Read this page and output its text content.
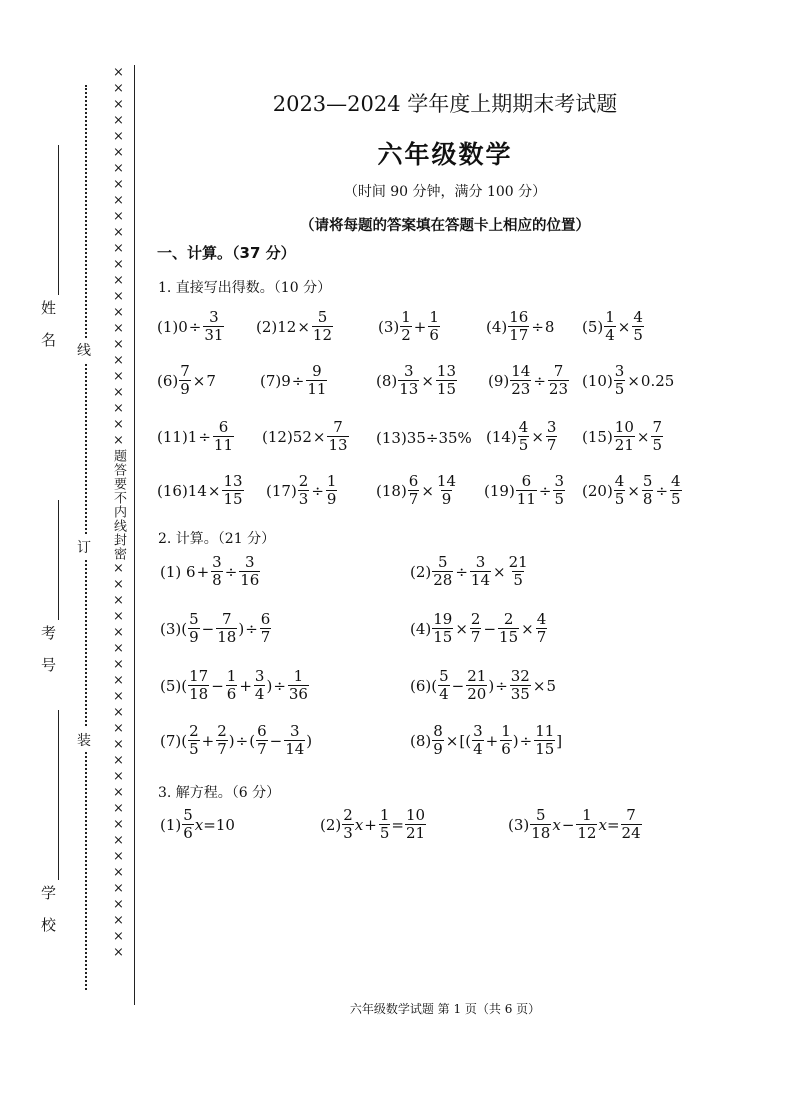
姓 名
考 号
学 校
线
订
装	××××××××××××××××××××××××题答要不内线封密×××××××××××××××××××××××××	2023—2024 学年度上期期末考试题
六年级数学
（时间 90 分钟，满分 100 分）
（请将每题的答案填在答题卡上相应的位置）
一、计算。（37 分）
1. 直接写出得数。（10 分）
$(1)0 \div \frac{3}{31} (2)12 \times \frac{5}{12}$	$(3) \frac{1}{2} + \frac{1}{6}$	$(4) \frac{16}{17} \div 8$ $(5) \frac{1}{4} \times \frac{4}{5}$
$(6) \frac{7}{9} \times 7$	$(7)9 \div \frac{9}{11}$	$(8) \frac{3}{13} \times \frac{13}{15} (9) \frac{14}{23} \div \frac{7}{23} (10) \frac{3}{5} \times 0.25$
$(11)1 \div \frac{6}{11} (12)52 \times \frac{7}{13} (13)35\div 35\%$ $(14) \frac{4}{5} \times \frac{3}{7} (15) \frac{10}{21} \times \frac{7}{5}$
$(16)14 \times \frac{13}{15} (17) \frac{2}{3} \div \frac{1}{9}$	$(18) \frac{6}{7} \times \frac{14}{9} (19) \frac{6}{11} \div \frac{3}{5} (20) \frac{4}{5} \times \frac{5}{8} \div \frac{4}{5}$
2. 计算。（21 分）
(1) $6 + \frac{3}{8} \div \frac{3}{16}$	$(2) \frac{5}{28} \div \frac{3}{14} \times \frac{21}{5}$
$(3)( \frac{5}{9} - \frac{7}{18}$ ) ÷ $\frac{6}{7}$	$(4) \frac{19}{15} \times \frac{2}{7} - \frac{2}{15} \times \frac{4}{7}$
$(5)( \frac{17}{18} - \frac{1}{6} + \frac{3}{4}$ ) ÷ $\frac{1}{36}$	$(6)( \frac{5}{4} - \frac{21}{20}$ ) ÷ $\frac{32}{35} \times 5$
$(7)( \frac{2}{5} + \frac{2}{7}$ ) ÷ ( $\frac{6}{7} - \frac{3}{14}$ )	$(8) \frac{8}{9}$ × [( $\frac{3}{4} + \frac{1}{6}$ ) ÷ $\frac{11}{15}$ ]
3. 解方程。（6 分）
$(1) \frac{5}{6}$ x =10	$(2) \frac{2}{3}$ $x + \frac{1}{5} = \frac{10}{21}$	$(3) \frac{5}{18}$ $x - \frac{1}{12}$ $x = \frac{7}{24}$
六年级数学试题 第 1 页（共 6 页）
